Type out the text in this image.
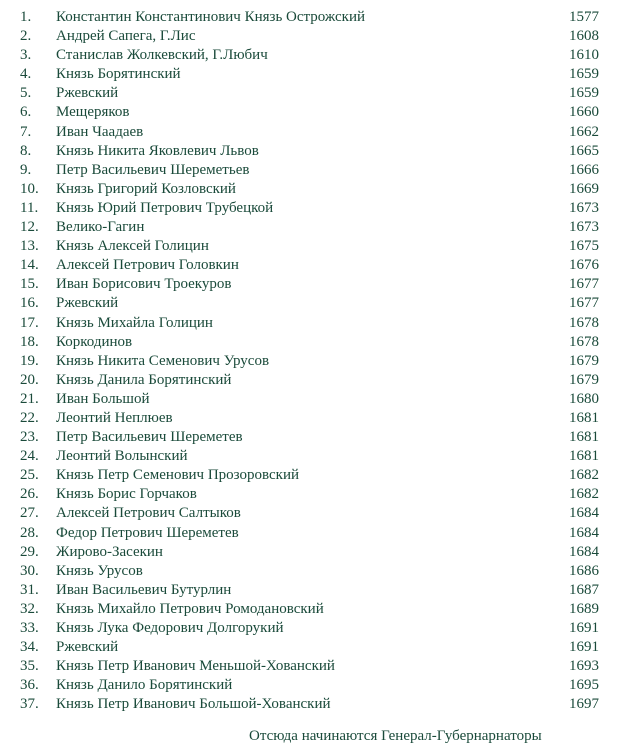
1.	Константин Константинович Князь Острожский	1577
2.	Андрей Сапега, Г.Лис	1608
3.	Станислав Жолкевский, Г.Любич	1610
4.	Князь Борятинский	1659
5.	Ржевский	1659
6.	Мещеряков	1660
7.	Иван Чаадаев	1662
8.	Князь Никита Яковлевич Львов	1665
9.	Петр Васильевич Шереметьев	1666
10.	Князь Григорий Козловский	1669
11.	Князь Юрий Петрович Трубецкой	1673
12.	Велико-Гагин	1673
13.	Князь Алексей Голицин	1675
14.	Алексей Петрович Головкин	1676
15.	Иван Борисович Троекуров	1677
16.	Ржевский	1677
17.	Князь Михайла Голицин	1678
18.	Коркодинов	1678
19.	Князь Никита Семенович Урусов	1679
20.	Князь Данила Борятинский	1679
21.	Иван Большой	1680
22.	Леонтий Неплюев	1681
23.	Петр Васильевич Шереметев	1681
24.	Леонтий Волынский	1681
25.	Князь Петр Семенович Прозоровский	1682
26.	Князь Борис Горчаков	1682
27.	Алексей Петрович Салтыков	1684
28.	Федор Петрович Шереметев	1684
29.	Жирово-Засекин	1684
30.	Князь Урусов	1686
31.	Иван Васильевич Бутурлин	1687
32.	Князь Михайло Петрович Ромодановский	1689
33.	Князь Лука Федорович Долгорукий	1691
34.	Ржевский	1691
35.	Князь Петр Иванович Меньшой-Хованский	1693
36.	Князь Данило Борятинский	1695
37.	Князь Петр Иванович Большой-Хованский	1697
Отсюда начинаются Генерал-Губернарнаторы
